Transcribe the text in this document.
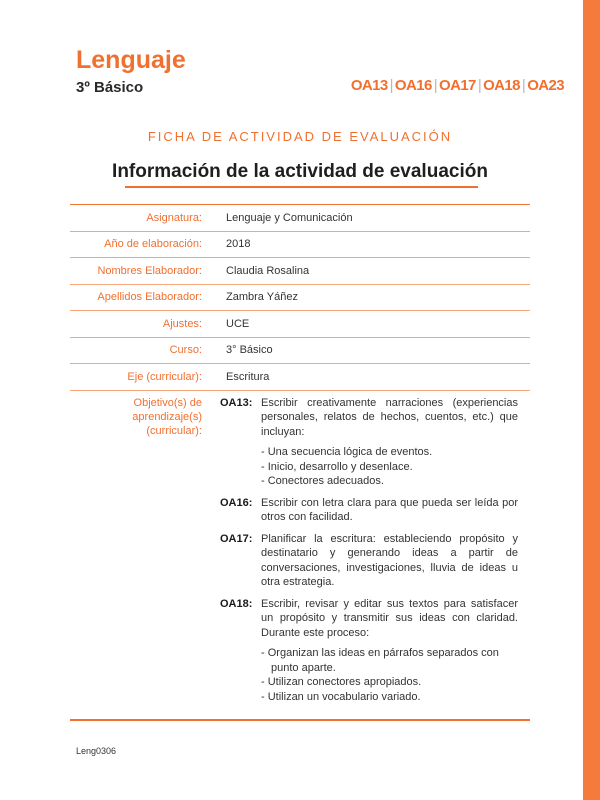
Lenguaje
3º Básico	OA13 | OA16 | OA17 | OA18 | OA23
FICHA DE ACTIVIDAD DE EVALUACIÓN
Información de la actividad de evaluación
Asignatura: Lenguaje y Comunicación
Año de elaboración: 2018
Nombres Elaborador: Claudia Rosalina
Apellidos Elaborador: Zambra Yáñez
Ajustes: UCE
Curso: 3° Básico
Eje (curricular): Escritura
Objetivo(s) de
aprendizaje(s)
(curricular):
OA13: Escribir creativamente narraciones (experiencias personales, relatos de hechos, cuentos, etc.) que incluyan:
- Una secuencia lógica de eventos.
- Inicio, desarrollo y desenlace.
- Conectores adecuados.
OA16: Escribir con letra clara para que pueda ser leída por otros con facilidad.
OA17: Planificar la escritura: estableciendo propósito y destinatario y generando ideas a partir de conversaciones, investigaciones, lluvia de ideas u otra estrategia.
OA18: Escribir, revisar y editar sus textos para satisfacer un propósito y transmitir sus ideas con claridad. Durante este proceso:
- Organizan las ideas en párrafos separados con punto aparte.
- Utilizan conectores apropiados.
- Utilizan un vocabulario variado.
Leng0306
